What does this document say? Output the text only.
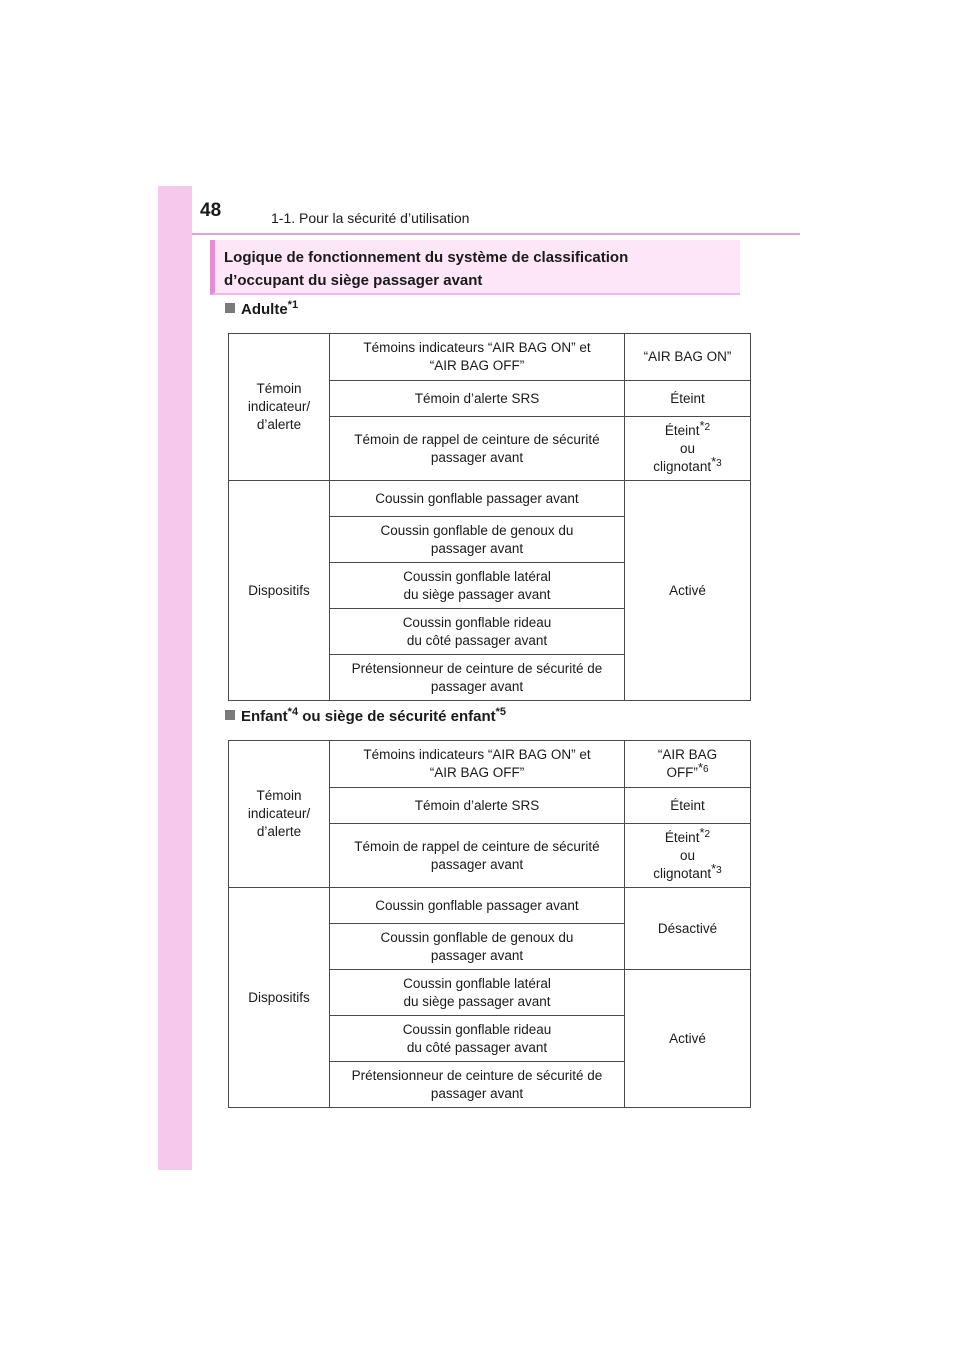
48	1-1. Pour la sécurité d’utilisation

Logique de fonctionnement du système de classification

d’occupant du siège passager avant

Adulte$^{*1}$
Témoin
indicateur/
d’alerte	Témoins indicateurs “AIR BAG ON” et
“AIR BAG OFF”	“AIR BAG ON”
	Témoin d’alerte SRS	Éteint
	Témoin de rappel de ceinture de sécurité
passager avant	Éteint$^{*2}$
ou
clignotant$^{*3}$
Dispositifs	Coussin gonflable passager avant	Activé
	Coussin gonflable de genoux du
passager avant	
	Coussin gonflable latéral
du siège passager avant	
	Coussin gonflable rideau
du côté passager avant	
	Prétensionneur de ceinture de sécurité de
passager avant	
Enfant$^{*4}$ ou siège de sécurité enfant$^{*5}$
Témoin
indicateur/
d’alerte	Témoins indicateurs “AIR BAG ON” et
“AIR BAG OFF”	“AIR BAG
OFF”$^{*6}$
	Témoin d’alerte SRS	Éteint
	Témoin de rappel de ceinture de sécurité
passager avant	Éteint$^{*2}$
ou
clignotant$^{*3}$
Dispositifs	Coussin gonflable passager avant	Désactivé
	Coussin gonflable de genoux du
passager avant	
	Coussin gonflable latéral
du siège passager avant	Activé
	Coussin gonflable rideau
du côté passager avant	
	Prétensionneur de ceinture de sécurité de
passager avant	
